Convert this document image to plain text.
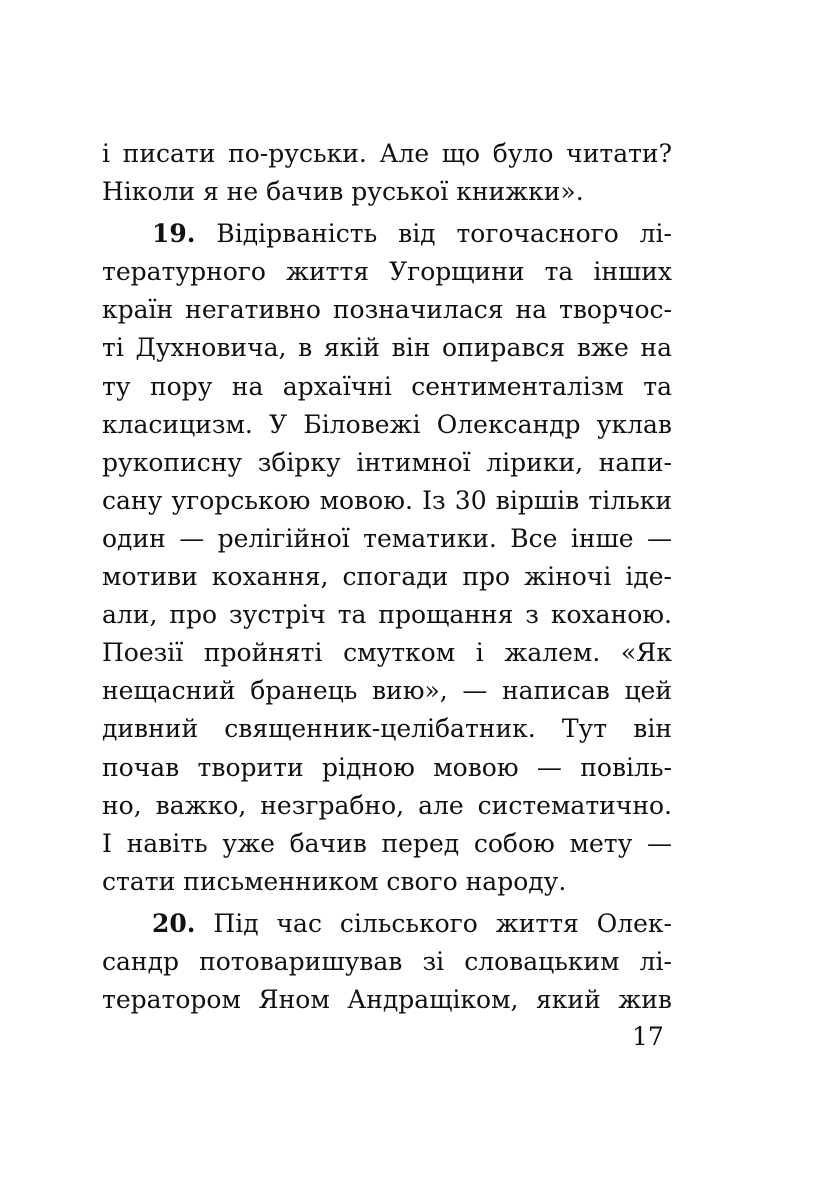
і писати по-руськи. Але що було читати?
Ніколи я не бачив руської книжки».
19. Відірваність від тогочасного лі-
тературного життя Угорщини та інших
країн негативно позначилася на творчос-
ті Духновича, в якій він опирався вже на
ту пору на архаїчні сентименталізм та
класицизм. У Біловежі Олександр уклав
рукописну збірку інтимної лірики, напи-
сану угорською мовою. Із 30 віршів тільки
один — релігійної тематики. Все інше —
мотиви кохання, спогади про жіночі іде-
али, про зустріч та прощання з коханою.
Поезії пройняті смутком і жалем. «Як
нещасний бранець вию», — написав цей
дивний священник-целібатник. Тут він
почав творити рідною мовою — повіль-
но, важко, незграбно, але систематично.
І навіть уже бачив перед собою мету —
стати письменником свого народу.
20. Під час сільського життя Олек-
сандр потоваришував зі словацьким лі-
тератором Яном Андращіком, який жив
17
